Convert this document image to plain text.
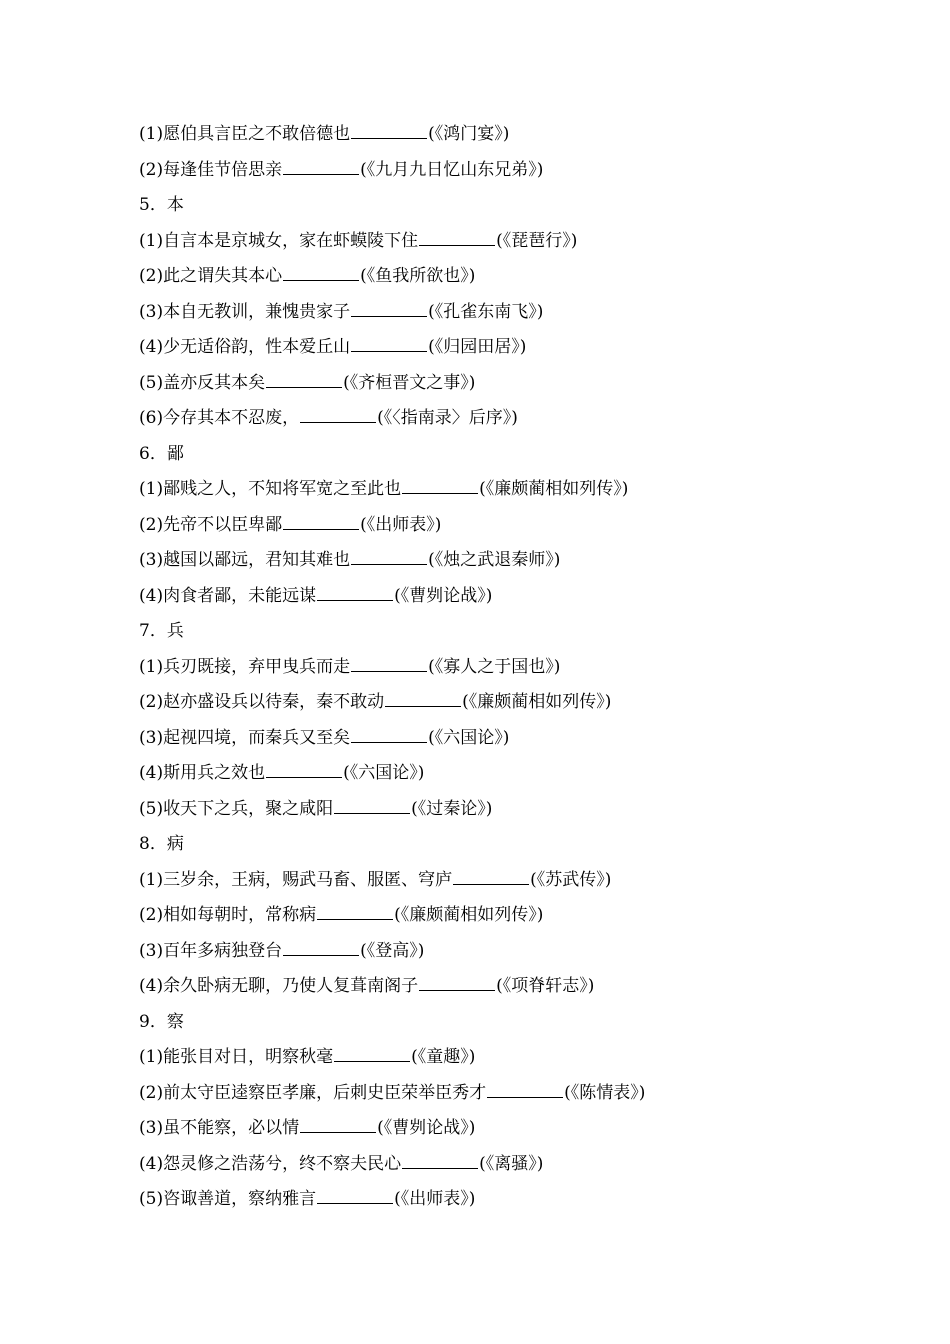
(1)愿伯具言臣之不敢倍德也	(《鸿门宴》)
(2)每逢佳节倍思亲	(《九月九日忆山东兄弟》)
5．本
(1)自言本是京城女，家在虾蟆陵下住	(《琵琶行》)
(2)此之谓失其本心	(《鱼我所欲也》)
(3)本自无教训，兼愧贵家子	(《孔雀东南飞》)
(4)少无适俗韵，性本爱丘山	(《归园田居》)
(5)盖亦反其本矣	(《齐桓晋文之事》)
(6)今存其本不忍废，	(《〈指南录〉后序》)
6．鄙
(1)鄙贱之人，不知将军宽之至此也	(《廉颇蔺相如列传》)
(2)先帝不以臣卑鄙	(《出师表》)
(3)越国以鄙远，君知其难也	(《烛之武退秦师》)
(4)肉食者鄙，未能远谋	(《曹刿论战》)
7．兵
(1)兵刃既接，弃甲曳兵而走	(《寡人之于国也》)
(2)赵亦盛设兵以待秦，秦不敢动	(《廉颇蔺相如列传》)
(3)起视四境，而秦兵又至矣	(《六国论》)
(4)斯用兵之效也	(《六国论》)
(5)收天下之兵，聚之咸阳	(《过秦论》)
8．病
(1)三岁余，王病，赐武马畜、服匿、穹庐	(《苏武传》)
(2)相如每朝时，常称病	(《廉颇蔺相如列传》)
(3)百年多病独登台	(《登高》)
(4)余久卧病无聊，乃使人复葺南阁子	(《项脊轩志》)
9．察
(1)能张目对日，明察秋毫	(《童趣》)
(2)前太守臣逵察臣孝廉，后刺史臣荣举臣秀才	(《陈情表》)
(3)虽不能察，必以情	(《曹刿论战》)
(4)怨灵修之浩荡兮，终不察夫民心	(《离骚》)
(5)咨诹善道，察纳雅言	(《出师表》)
